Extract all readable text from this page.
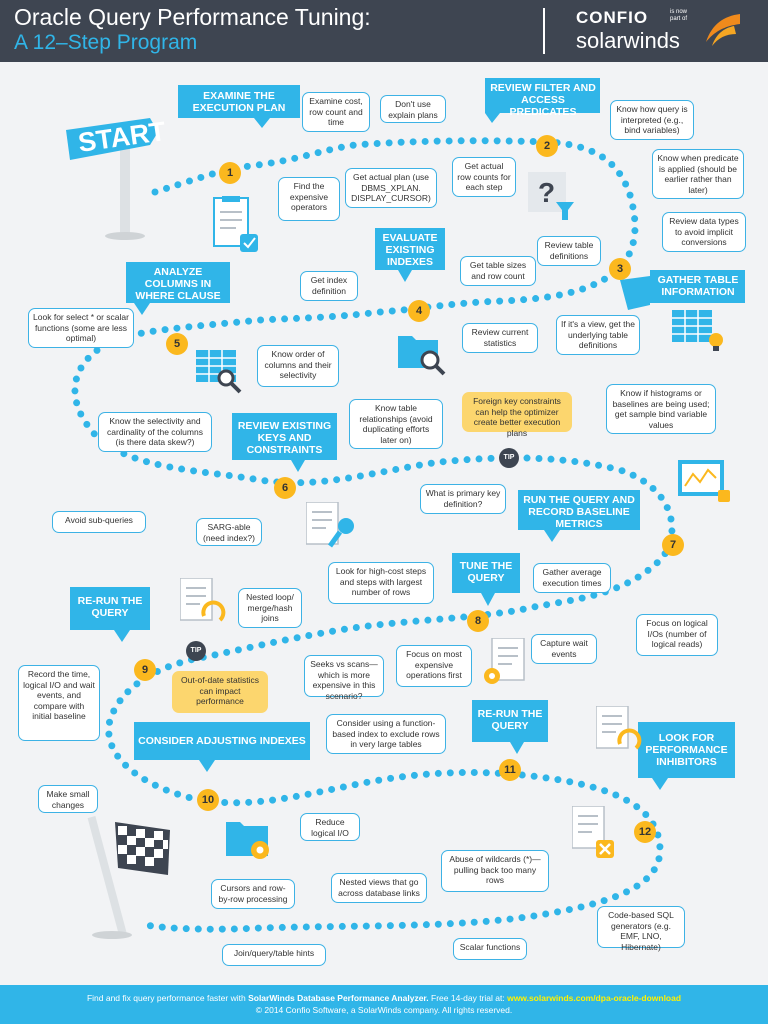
Oracle Query Performance Tuning:
A 12–Step Program
CONFIO	is now part of
solarwinds
START
EXAMINE THE EXECUTION PLAN
REVIEW FILTER AND ACCESS PREDICATES
GATHER TABLE INFORMATION
EVALUATE EXISTING INDEXES
ANALYZE COLUMNS IN WHERE CLAUSE
REVIEW EXISTING KEYS AND CONSTRAINTS
RUN THE QUERY AND RECORD BASELINE METRICS
TUNE THE QUERY
RE-RUN THE QUERY
CONSIDER ADJUSTING INDEXES
RE-RUN THE QUERY
LOOK FOR PERFORMANCE INHIBITORS
1
2
3
4
5
6
7
8
9
10
11
12
TIP
TIP
Find the expensive operators
Examine cost, row count and time
Don't use explain plans
Get actual plan (use DBMS_XPLAN. DISPLAY_CURSOR)
Get actual row counts for each step
Know how query is interpreted (e.g., bind variables)
Know when predicate is applied (should be earlier rather than later)
Review data types to avoid implicit conversions
Review table definitions
Get table sizes and row count
If it's a view, get the underlying table definitions
Review current statistics
Get index definition
Look for select * or scalar functions (some are less optimal)
Know order of columns and their selectivity
Know the selectivity and cardinality of the columns (is there data skew?)
Avoid sub-queries
SARG-able (need index?)
Know table relationships (avoid duplicating efforts later on)
Foreign key constraints can help the optimizer create better execution plans
Know if histograms or baselines are being used; get sample bind variable values
What is primary key definition?
Gather average execution times
Focus on logical I/Os (number of logical reads)
Capture wait events
Look for high-cost steps and steps with largest number of rows
Nested loop/ merge/hash joins
Seeks vs scans—which is more expensive in this scenario?
Focus on most expensive operations first
Out-of-date statistics can impact performance
Record the time, logical I/O and wait events, and compare with initial baseline
Consider using a function-based index to exclude rows in very large tables
Make small changes
Reduce logical I/O
Abuse of wildcards (*)—pulling back too many rows
Cursors and row-by-row processing
Nested views that go across database links
Code-based SQL generators (e.g. EMF, LNO, Hibernate)
Scalar functions
Join/query/table hints
?
Find and fix query performance faster with SolarWinds Database Performance Analyzer. Free 14-day trial at: www.solarwinds.com/dpa-oracle-download
© 2014 Confio Software, a SolarWinds company. All rights reserved.
